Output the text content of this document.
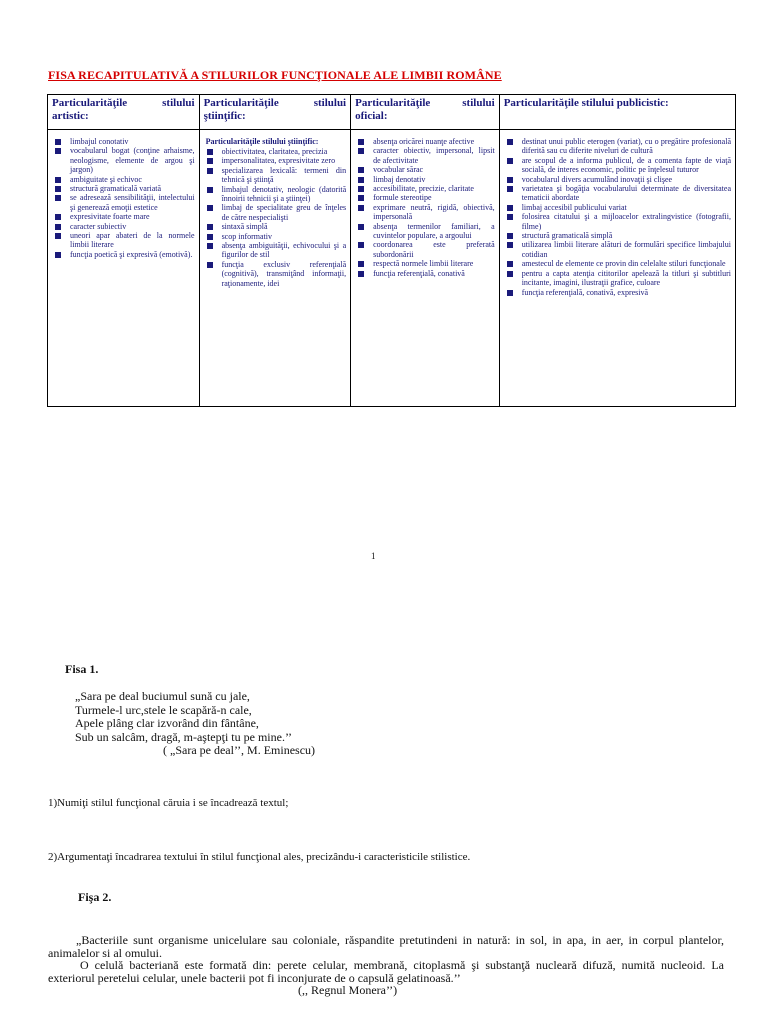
FISA RECAPITULATIVĂ A STILURILOR FUNCŢIONALE ALE LIMBII ROMÂNE
Particularităţile stilului artistic:
limbajul conotativ
vocabularul bogat (conţine arhaisme, neologisme, elemente de argou şi jargon)
ambiguitate şi echivoc
structură gramaticală variată
se adresează sensibilităţii, intelectului şi generează emoţii estetice
expresivitate foarte mare
caracter subiectiv
uneori apar abateri de la normele limbii literare
funcţia poetică şi expresivă (emotivă).
Particularităţile stilului ştiinţific:
Particularităţile stilului ştiinţific:
obiectivitatea, claritatea, precizia
impersonalitatea, expresivitate zero
specializarea lexicală: termeni din tehnică şi ştiinţă
limbajul denotativ, neologic (datorită înnoirii tehnicii şi a ştiinţei)
limbaj de specialitate greu de înţeles de către nespecialişti
sintaxă simplă
scop informativ
absenţa ambiguităţii, echivocului şi a figurilor de stil
funcţia exclusiv referenţială (cognitivă), transmiţând informaţii, raţionamente, idei
Particularităţile stilului oficial:
absenţa oricărei nuanţe afective
caracter obiectiv, impersonal, lipsit de afectivitate
vocabular sărac
limbaj denotativ
accesibilitate, precizie, claritate
formule stereotipe
exprimare neutră, rigidă, obiectivă, impersonală
absenţa termenilor familiari, a cuvintelor populare, a argoului
coordonarea este preferată subordonării
respectă normele limbii literare
funcţia referenţială, conativă
Particularităţile stilului publicistic:
destinat unui public eterogen (variat), cu o pregătire profesională diferită sau cu diferite niveluri de cultură
are scopul de a informa publicul, de a comenta fapte de viaţă socială, de interes economic, politic pe înţelesul tuturor
vocabularul divers acumulând inovaţii şi clişee
varietatea şi bogăţia vocabularului determinate de diversitatea tematicii abordate
limbaj accesibil publicului variat
folosirea citatului şi a mijloacelor extralingvistice (fotografii, filme)
structură gramaticală simplă
utilizarea limbii literare alături de formulări specifice limbajului cotidian
amestecul de elemente ce provin din celelalte stiluri funcţionale
pentru a capta atenţia cititorilor apelează la titluri şi subtitluri incitante, imagini, ilustraţii grafice, culoare
funcţia referenţială, conativă, expresivă
1
Fisa 1.
„Sara pe deal buciumul sună cu jale,
Turmele-l urc,stele le scapără-n cale,
Apele plâng clar izvorând din fântâne,
Sub un salcâm, dragă, m-aştepţi tu pe mine.’’
( „Sara pe deal’’, M. Eminescu)
1)Numiţi stilul funcţional căruia i se încadrează textul;
2)Argumentaţi încadrarea textului în stilul funcţional ales, precizându-i caracteristicile stilistice.
Fişa 2.

„Bacteriile sunt organisme unicelulare sau coloniale, răspandite pretutindeni in natură: in sol, in apa, in aer, in corpul plantelor, animalelor si al omului.

O celulă bacteriană este formată din: perete celular, membrană, citoplasmă şi substanţă nucleară difuză, numită nucleoid. La exteriorul peretelui celular, unele bacterii pot fi inconjurate de o capsulă gelatinoasă.’’

(,, Regnul Monera’’)
